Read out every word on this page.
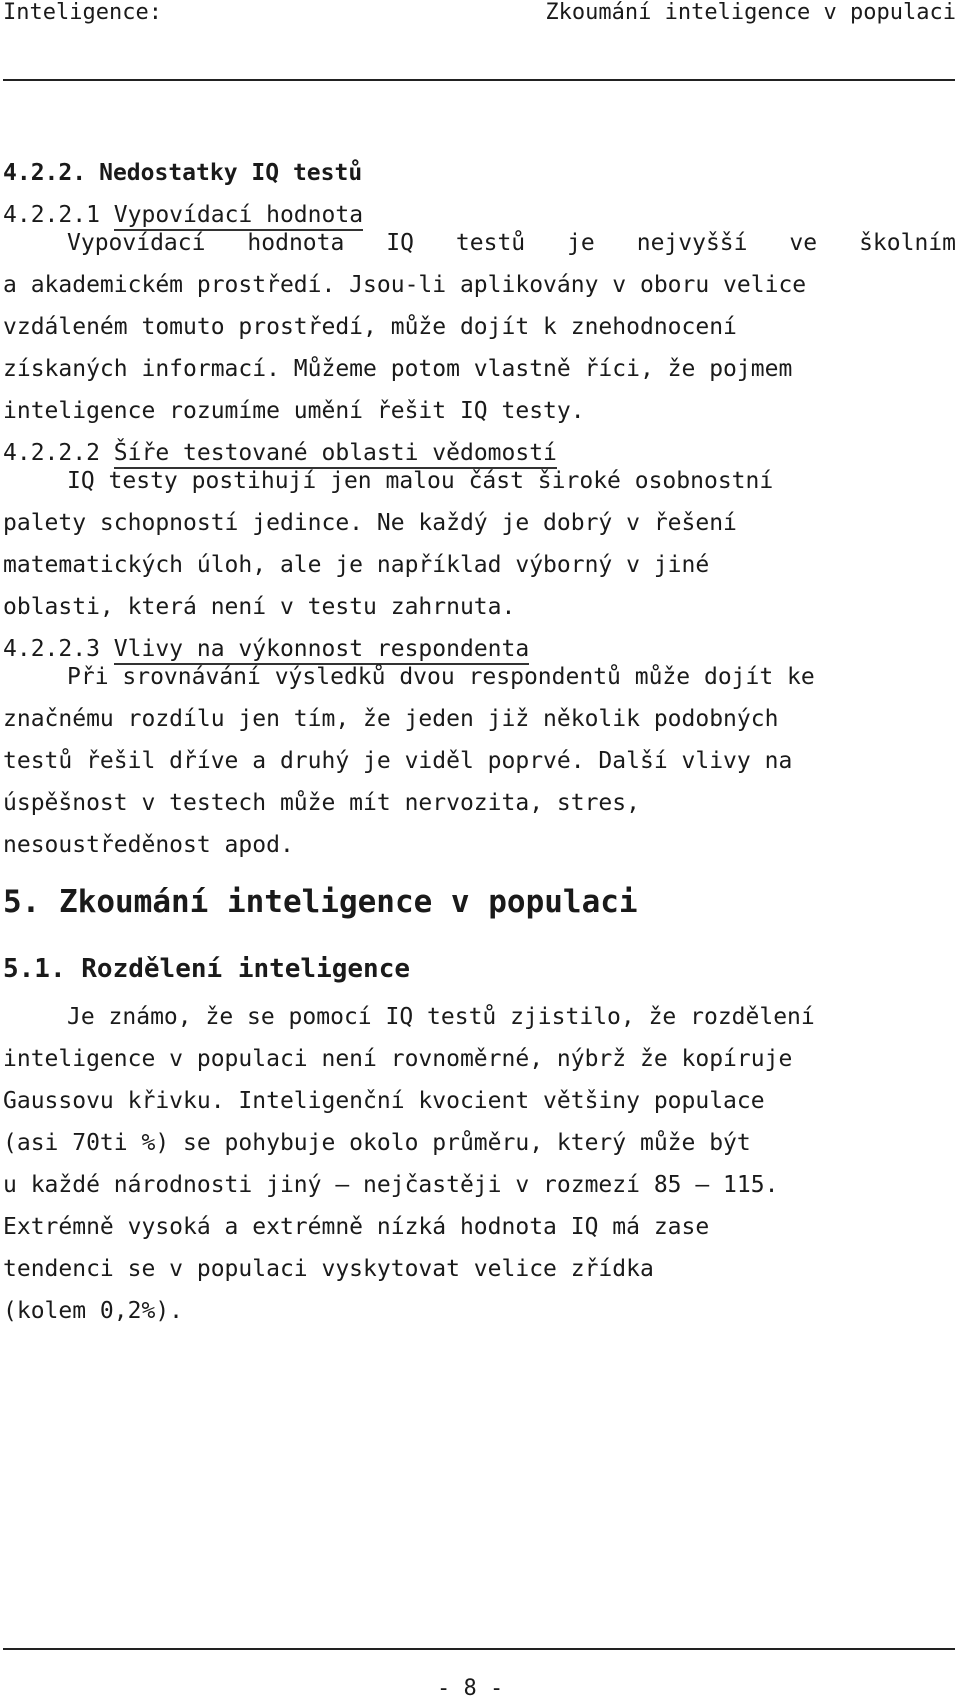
Inteligence:	Zkoumání inteligence v populaci
4.2.2. Nedostatky IQ testů
4.2.2.1 Vypovídací hodnota
Vypovídací hodnota IQ testů je nejvyšší ve školním
a akademickém prostředí. Jsou-li aplikovány v oboru velice
vzdáleném tomuto prostředí, může dojít k znehodnocení
získaných informací. Můžeme potom vlastně říci, že pojmem
inteligence rozumíme umění řešit IQ testy.
4.2.2.2 Šíře testované oblasti vědomostí
IQ testy postihují jen malou část široké osobnostní
palety schopností jedince. Ne každý je dobrý v řešení
matematických úloh, ale je například výborný v jiné
oblasti, která není v testu zahrnuta.
4.2.2.3 Vlivy na výkonnost respondenta
Při srovnávání výsledků dvou respondentů může dojít ke
značnému rozdílu jen tím, že jeden již několik podobných
testů řešil dříve a druhý je viděl poprvé. Další vlivy na
úspěšnost v testech může mít nervozita, stres,
nesoustředěnost apod.
5. Zkoumání inteligence v populaci
5.1. Rozdělení inteligence
Je známo, že se pomocí IQ testů zjistilo, že rozdělení
inteligence v populaci není rovnoměrné, nýbrž že kopíruje
Gaussovu křivku. Inteligenční kvocient většiny populace
(asi 70ti %) se pohybuje okolo průměru, který může být
u každé národnosti jiný – nejčastěji v rozmezí 85 – 115.
Extrémně vysoká a extrémně nízká hodnota IQ má zase
tendenci se v populaci vyskytovat velice zřídka
(kolem 0,2%).
- 8 -
